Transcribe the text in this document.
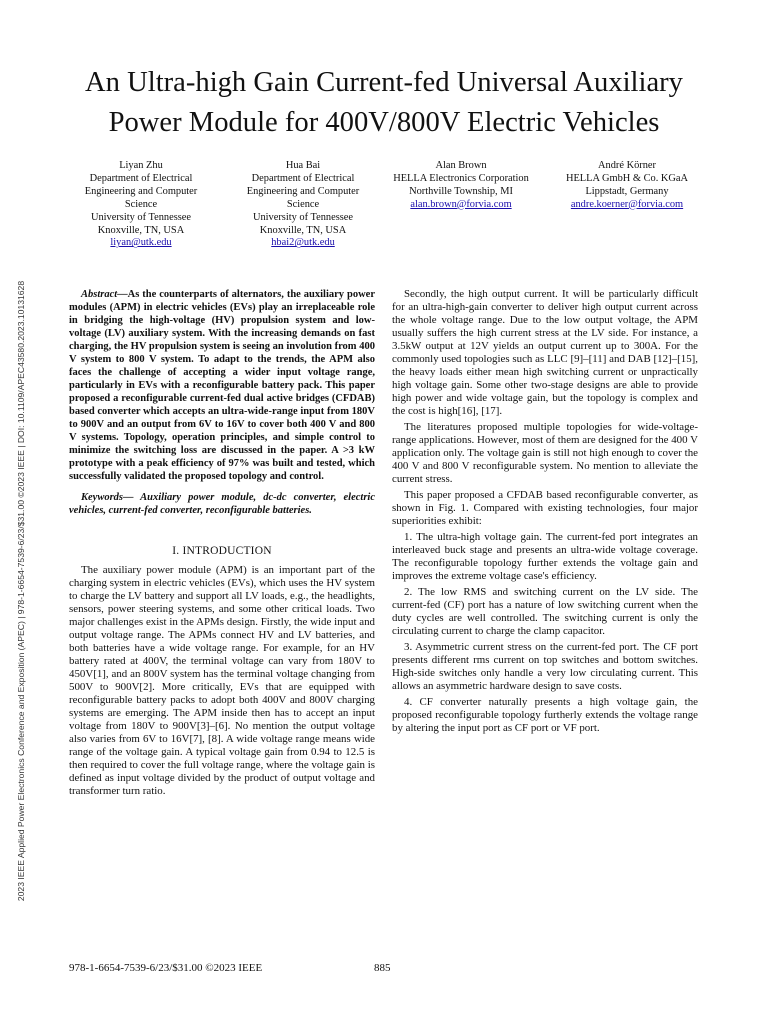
2023 IEEE Applied Power Electronics Conference and Exposition (APEC) | 978-1-6654-7539-6/23/$31.00 ©2023 IEEE | DOI: 10.1109/APEC43580.2023.10131628
An Ultra-high Gain Current-fed Universal Auxiliary
Power Module for 400V/800V Electric Vehicles
Liyan Zhu
Department of Electrical
Engineering and Computer
Science
University of Tennessee
Knoxville, TN, USA
liyan@utk.edu
Hua Bai
Department of Electrical
Engineering and Computer
Science
University of Tennessee
Knoxville, TN, USA
hbai2@utk.edu
Alan Brown
HELLA Electronics Corporation
Northville Township, MI
alan.brown@forvia.com
André Körner
HELLA GmbH & Co. KGaA
Lippstadt, Germany
andre.koerner@forvia.com

Abstract—As the counterparts of alternators, the auxiliary power modules (APM) in electric vehicles (EVs) play an irreplaceable role in bridging the high-voltage (HV) propulsion system and low-voltage (LV) auxiliary system. With the increasing demands on fast charging, the HV propulsion system is seeing an involution from 400 V system to 800 V system. To adapt to the trends, the APM also faces the challenge of accepting a wider input voltage range, particularly in EVs with a reconfigurable battery pack. This paper proposed a reconfigurable current-fed dual active bridges (CFDAB) based converter which accepts an ultra-wide-range input from 180V to 900V and an output from 6V to 16V to cover both 400 V and 800 V systems. Topology, operation principles, and simple control to minimize the switching loss are discussed in the paper. A >3 kW prototype with a peak efficiency of 97% was built and tested, which successfully validated the proposed topology and control.

Keywords— Auxiliary power module, dc-dc converter, electric vehicles, current-fed converter, reconfigurable batteries.

I. INTRODUCTION

The auxiliary power module (APM) is an important part of the charging system in electric vehicles (EVs), which uses the HV system to charge the LV battery and support all LV loads, e.g., the headlights, sensors, power steering systems, and some other critical loads. Two major challenges exist in the APMs design. Firstly, the wide input and output voltage range. The APMs connect HV and LV batteries, and both batteries have a wide voltage range. For example, for an HV battery rated at 400V, the terminal voltage can vary from 180V to 450V[1], and an 800V system has the terminal voltage changing from 500V to 900V[2]. More critically, EVs that are equipped with reconfigurable battery packs to adopt both 400V and 800V charging systems are emerging. The APM inside then has to accept an input voltage from 180V to 900V[3]–[6]. No mention the output voltage also varies from 6V to 16V[7], [8]. A wide voltage range means wide range of the voltage gain. A typical voltage gain from 0.94 to 12.5 is then required to cover the full voltage range, where the voltage gain is defined as input voltage divided by the product of output voltage and transformer turn ratio.

Secondly, the high output current. It will be particularly difficult for an ultra-high-gain converter to deliver high output current across the whole voltage range. Due to the low output voltage, the APM usually suffers the high current stress at the LV side. For instance, a 3.5kW output at 12V yields an output current up to 300A. For the commonly used topologies such as LLC [9]–[11] and DAB [12]–[15], the heavy loads either mean high switching current or unpractically high voltage gain. Some other two-stage designs are able to provide high power and wide voltage gain, but the topology is complex and the cost is high[16], [17].

The literatures proposed multiple topologies for wide-voltage-range applications. However, most of them are designed for the 400 V application only. The voltage gain is still not high enough to cover the 400 V and 800 V reconfigurable system. No mention to alleviate the current stress.

This paper proposed a CFDAB based reconfigurable converter, as shown in Fig. 1. Compared with existing technologies, four major superiorities exhibit:

1. The ultra-high voltage gain. The current-fed port integrates an interleaved buck stage and presents an ultra-wide voltage coverage. The reconfigurable topology further extends the voltage gain and improves the extreme voltage case's efficiency.

2. The low RMS and switching current on the LV side. The current-fed (CF) port has a nature of low switching current when the duty cycles are well controlled. The switching current is only the circulating current to charge the clamp capacitor.

3. Asymmetric current stress on the current-fed port. The CF port presents different rms current on top switches and bottom switches. High-side switches only handle a very low circulating current. This allows an asymmetric hardware design to save costs.

4. CF converter naturally presents a high voltage gain, the proposed reconfigurable topology furtherly extends the voltage range by altering the input port as CF port or VF port.

978-1-6654-7539-6/23/$31.00 ©2023 IEEE	885
